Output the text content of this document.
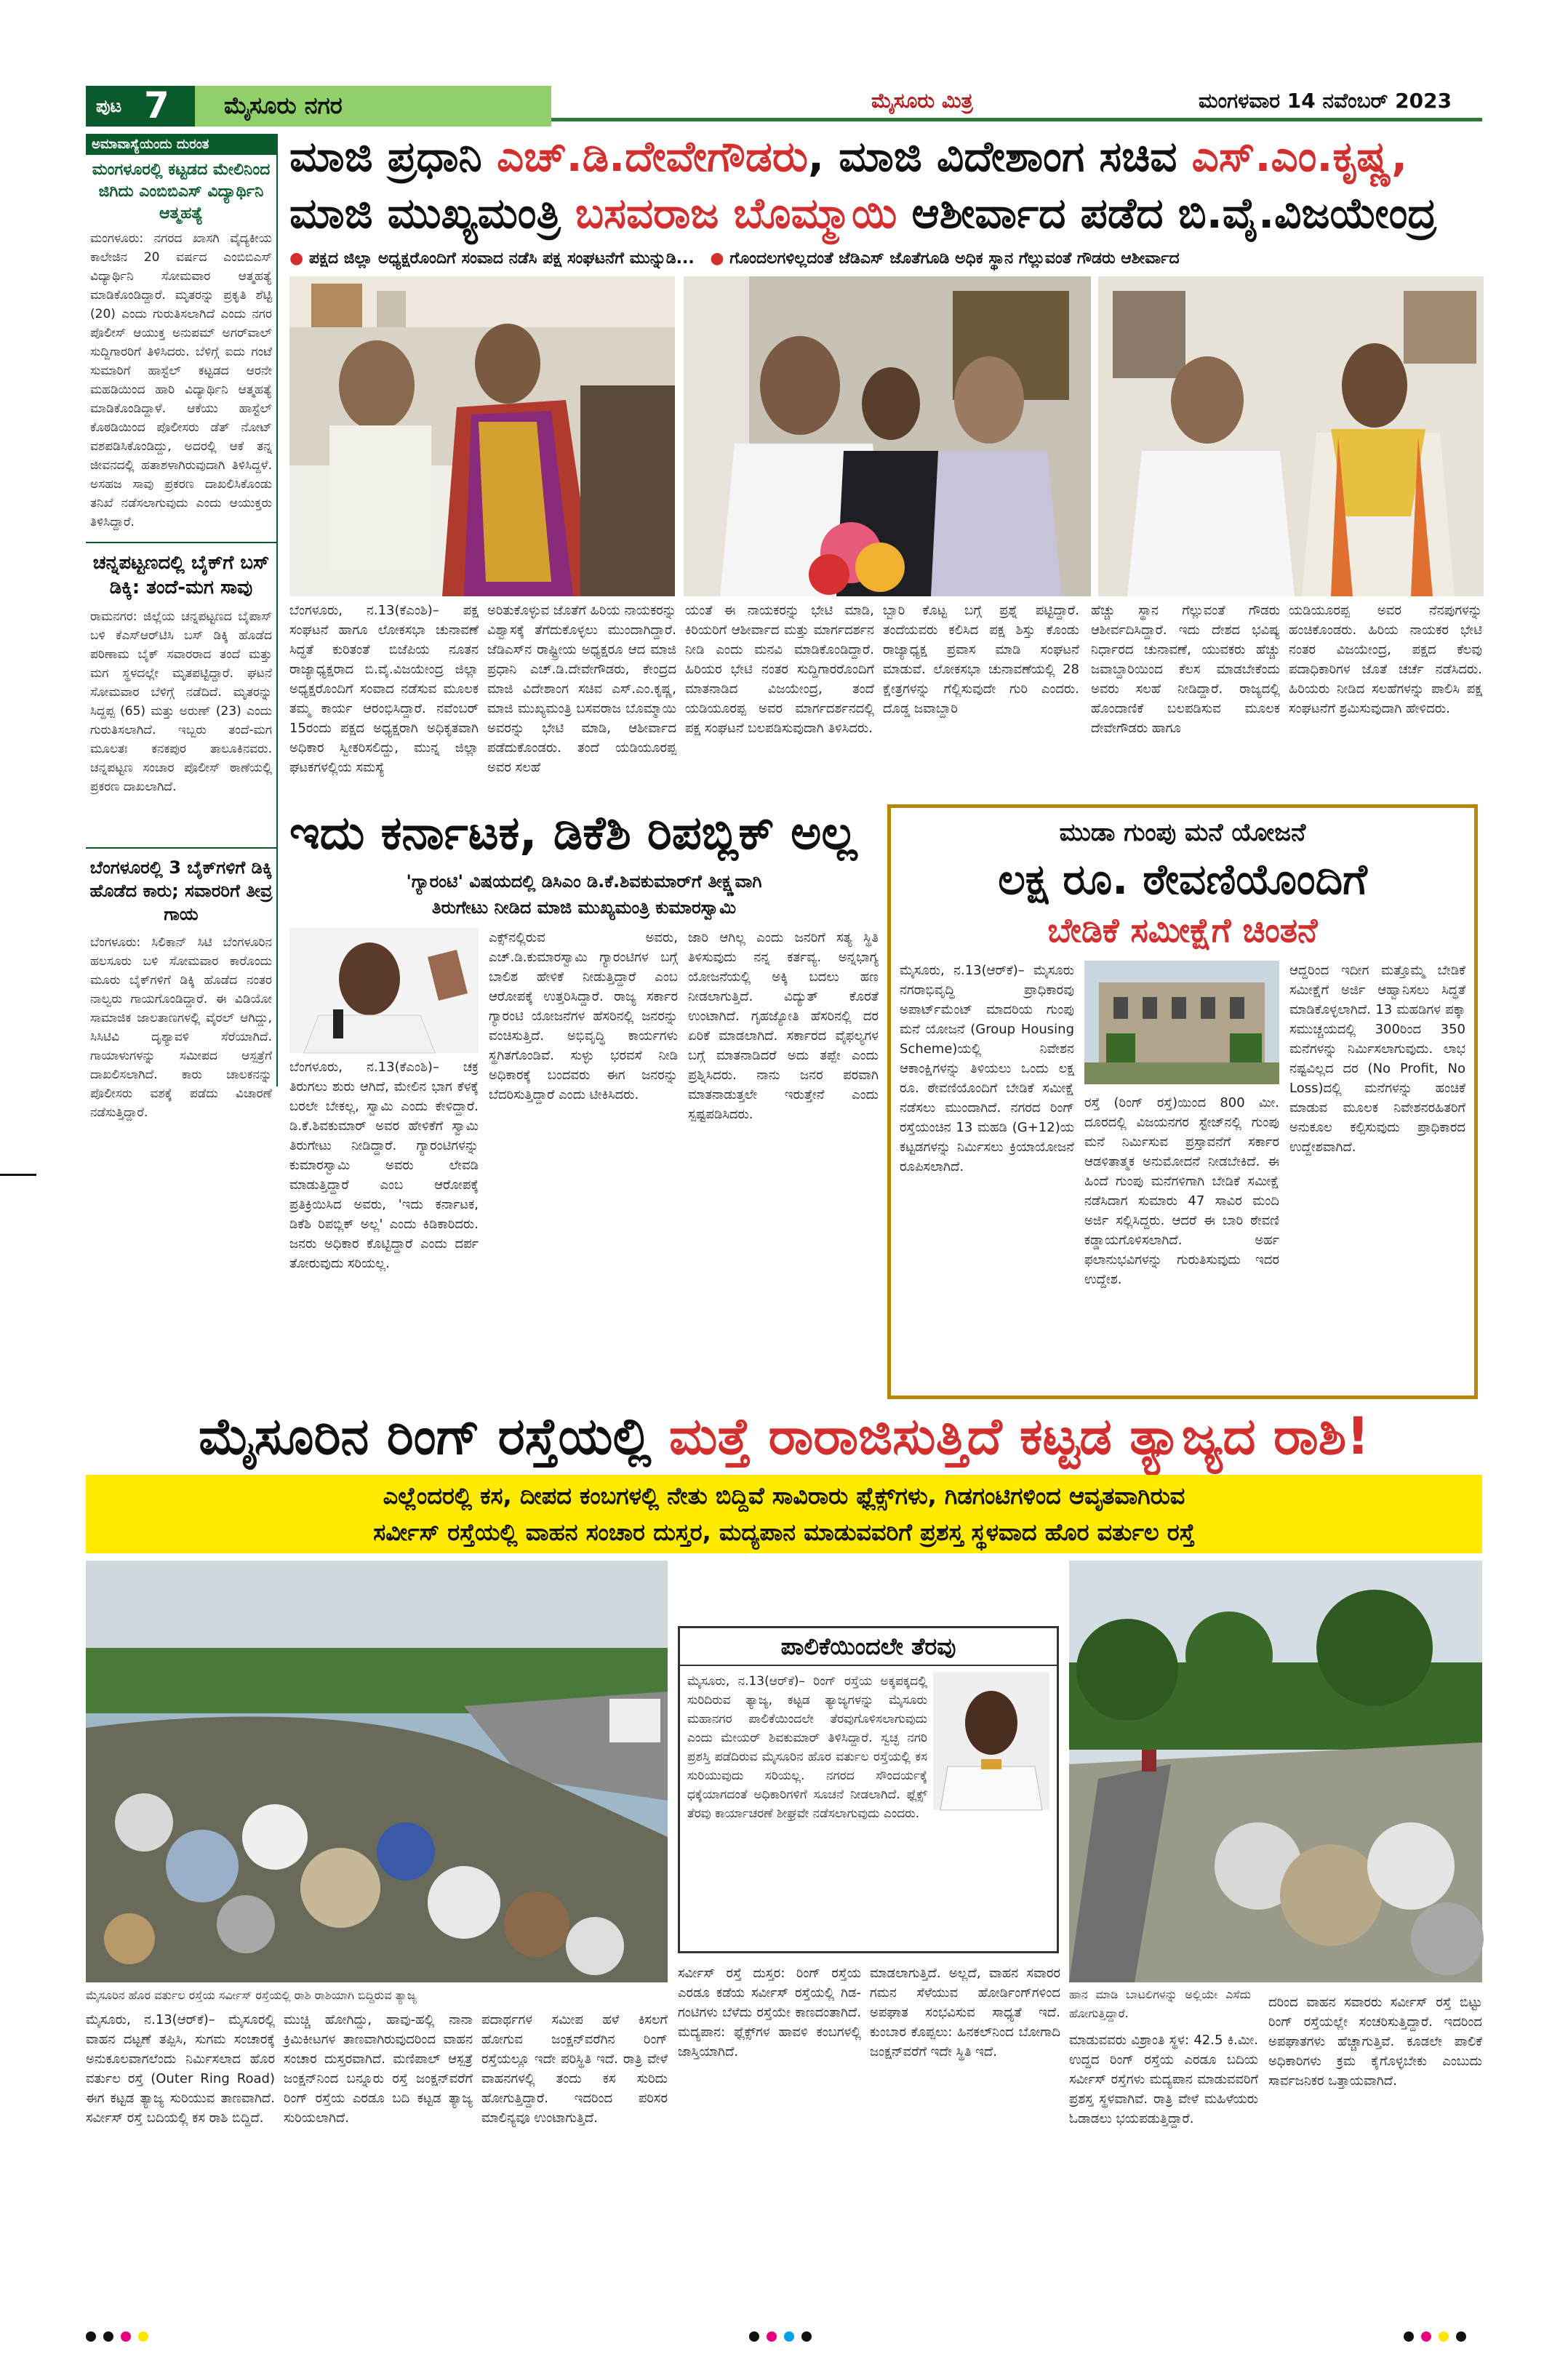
ಪುಟ 7 ಮೈಸೂರು ನಗರ	ಮೈಸೂರು ಮಿತ್ರ	ಮಂಗಳವಾರ 14 ನವೆಂಬರ್ 2023
ಅಮಾವಾಸ್ಯೆಯಂದು ದುರಂತ
ಮಂಗಳೂರಲ್ಲಿ ಕಟ್ಟಡದ ಮೇಲಿನಿಂದ ಜಿಗಿದು ಎಂಬಿಬಿಎಸ್ ವಿದ್ಯಾರ್ಥಿನಿ ಆತ್ಮಹತ್ಯೆ
ಮಂಗಳೂರು: ನಗರದ ಖಾಸಗಿ ವೈದ್ಯಕೀಯ ಕಾಲೇಜಿನ 20 ವರ್ಷದ ಎಂಬಿಬಿಎಸ್ ವಿದ್ಯಾರ್ಥಿನಿ ಸೋಮವಾರ ಆತ್ಮಹತ್ಯೆ ಮಾಡಿಕೊಂಡಿದ್ದಾರೆ. ಮೃತರನ್ನು ಪ್ರಕೃತಿ ಶೆಟ್ಟಿ (20) ಎಂದು ಗುರುತಿಸಲಾಗಿದೆ ಎಂದು ನಗರ ಪೊಲೀಸ್ ಆಯುಕ್ತ ಅನುಪಮ್ ಅಗರ್‌ವಾಲ್ ಸುದ್ದಿಗಾರರಿಗೆ ತಿಳಿಸಿದರು. ಬೆಳಿಗ್ಗೆ ಐದು ಗಂಟೆ ಸುಮಾರಿಗೆ ಹಾಸ್ಟೆಲ್ ಕಟ್ಟಡದ ಆರನೇ ಮಹಡಿಯಿಂದ ಹಾರಿ ವಿದ್ಯಾರ್ಥಿನಿ ಆತ್ಮಹತ್ಯೆ ಮಾಡಿಕೊಂಡಿದ್ದಾಳೆ. ಆಕೆಯು ಹಾಸ್ಟೆಲ್ ಕೊಠಡಿಯಿಂದ ಪೊಲೀಸರು ಡೆತ್ ನೋಟ್ ವಶಪಡಿಸಿಕೊಂಡಿದ್ದು, ಅದರಲ್ಲಿ ಆಕೆ ತನ್ನ ಜೀವನದಲ್ಲಿ ಹತಾಶಳಾಗಿರುವುದಾಗಿ ತಿಳಿಸಿದ್ದಳೆ. ಅಸಹಜ ಸಾವು ಪ್ರಕರಣ ದಾಖಲಿಸಿಕೊಂಡು ತನಿಖೆ ನಡೆಸಲಾಗುವುದು ಎಂದು ಆಯುಕ್ತರು ತಿಳಿಸಿದ್ದಾರೆ.
ಚನ್ನಪಟ್ಟಣದಲ್ಲಿ ಬೈಕ್‌ಗೆ ಬಸ್ ಡಿಕ್ಕಿ: ತಂದೆ-ಮಗ ಸಾವು
ರಾಮನಗರ: ಜಿಲ್ಲೆಯ ಚನ್ನಪಟ್ಟಣದ ಬೈಪಾಸ್ ಬಳಿ ಕೆಎಸ್ಆರ್‌ಟಿಸಿ ಬಸ್ ಡಿಕ್ಕಿ ಹೊಡೆದ ಪರಿಣಾಮ ಬೈಕ್ ಸವಾರರಾದ ತಂದೆ ಮತ್ತು ಮಗ ಸ್ಥಳದಲ್ಲೇ ಮೃತಪಟ್ಟಿದ್ದಾರೆ. ಘಟನೆ ಸೋಮವಾರ ಬೆಳಿಗ್ಗೆ ನಡೆದಿದೆ. ಮೃತರನ್ನು ಸಿದ್ದಪ್ಪ (65) ಮತ್ತು ಅರುಣ್ (23) ಎಂದು ಗುರುತಿಸಲಾಗಿದೆ. ಇಬ್ಬರು ತಂದೆ-ಮಗ ಮೂಲತಃ ಕನಕಪುರ ತಾಲೂಕಿನವರು. ಚನ್ನಪಟ್ಟಣ ಸಂಚಾರ ಪೊಲೀಸ್ ಠಾಣೆಯಲ್ಲಿ ಪ್ರಕರಣ ದಾಖಲಾಗಿದೆ.
ಬೆಂಗಳೂರಲ್ಲಿ 3 ಬೈಕ್‌ಗಳಿಗೆ ಡಿಕ್ಕಿ ಹೊಡೆದ ಕಾರು; ಸವಾರರಿಗೆ ತೀವ್ರ ಗಾಯ
ಬೆಂಗಳೂರು: ಸಿಲಿಕಾನ್ ಸಿಟಿ ಬೆಂಗಳೂರಿನ ಹಲಸೂರು ಬಳಿ ಸೋಮವಾರ ಕಾರೊಂದು ಮೂರು ಬೈಕ್‌ಗಳಿಗೆ ಡಿಕ್ಕಿ ಹೊಡೆದ ನಂತರ ನಾಲ್ವರು ಗಾಯಗೊಂಡಿದ್ದಾರೆ. ಈ ವಿಡಿಯೋ ಸಾಮಾಜಿಕ ಜಾಲತಾಣಗಳಲ್ಲಿ ವೈರಲ್ ಆಗಿದ್ದು, ಸಿಸಿಟಿವಿ ದೃಶ್ಯಾವಳಿ ಸೆರೆಯಾಗಿದೆ. ಗಾಯಾಳುಗಳನ್ನು ಸಮೀಪದ ಆಸ್ಪತ್ರೆಗೆ ದಾಖಲಿಸಲಾಗಿದೆ. ಕಾರು ಚಾಲಕನನ್ನು ಪೊಲೀಸರು ವಶಕ್ಕೆ ಪಡೆದು ವಿಚಾರಣೆ ನಡೆಸುತ್ತಿದ್ದಾರೆ.
ಮಾಜಿ ಪ್ರಧಾನಿ ಎಚ್.ಡಿ.ದೇವೇಗೌಡರು, ಮಾಜಿ ವಿದೇಶಾಂಗ ಸಚಿವ ಎಸ್.ಎಂ.ಕೃಷ್ಣ,
ಮಾಜಿ ಮುಖ್ಯಮಂತ್ರಿ ಬಸವರಾಜ ಬೊಮ್ಮಾಯಿ ಆಶೀರ್ವಾದ ಪಡೆದ ಬಿ.ವೈ.ವಿಜಯೇಂದ್ರ
● ಪಕ್ಷದ ಜಿಲ್ಲಾ ಅಧ್ಯಕ್ಷರೊಂದಿಗೆ ಸಂವಾದ ನಡೆಸಿ ಪಕ್ಷ ಸಂಘಟನೆಗೆ ಮುನ್ನುಡಿ... ● ಗೊಂದಲಗಳಿಲ್ಲದಂತೆ ಜೆಡಿಎಸ್ ಜೊತೆಗೂಡಿ ಅಧಿಕ ಸ್ಥಾನ ಗೆಲ್ಲುವಂತೆ ಗೌಡರು ಆಶೀರ್ವಾದ
ಬೆಂಗಳೂರು, ನ.13(ಕೆಎಂಶಿ)– ಪಕ್ಷ ಸಂಘಟನೆ ಹಾಗೂ ಲೋಕಸಭಾ ಚುನಾವಣೆ ಸಿದ್ಧತೆ ಕುರಿತಂತೆ ಬಿಜೆಪಿಯ ನೂತನ ರಾಜ್ಯಾಧ್ಯಕ್ಷರಾದ ಬಿ.ವೈ.ವಿಜಯೇಂದ್ರ ಜಿಲ್ಲಾ ಅಧ್ಯಕ್ಷರೊಂದಿಗೆ ಸಂವಾದ ನಡೆಸುವ ಮೂಲಕ ತಮ್ಮ ಕಾರ್ಯ ಆರಂಭಿಸಿದ್ದಾರೆ. ನವೆಂಬರ್ 15ರಂದು ಪಕ್ಷದ ಅಧ್ಯಕ್ಷರಾಗಿ ಅಧಿಕೃತವಾಗಿ ಅಧಿಕಾರ ಸ್ವೀಕರಿಸಲಿದ್ದು, ಮುನ್ನ ಜಿಲ್ಲಾ ಘಟಕಗಳಲ್ಲಿಯ ಸಮಸ್ಯೆ
ಅರಿತುಕೊಳ್ಳುವ ಜೊತೆಗೆ ಹಿರಿಯ ನಾಯಕರನ್ನು ವಿಶ್ವಾಸಕ್ಕೆ ತೆಗೆದುಕೊಳ್ಳಲು ಮುಂದಾಗಿದ್ದಾರೆ. ಜೆಡಿಎಸ್‌ನ ರಾಷ್ಟ್ರೀಯ ಅಧ್ಯಕ್ಷರೂ ಆದ ಮಾಜಿ ಪ್ರಧಾನಿ ಎಚ್.ಡಿ.ದೇವೇಗೌಡರು, ಕೇಂದ್ರದ ಮಾಜಿ ವಿದೇಶಾಂಗ ಸಚಿವ ಎಸ್.ಎಂ.ಕೃಷ್ಣ, ಮಾಜಿ ಮುಖ್ಯಮಂತ್ರಿ ಬಸವರಾಜ ಬೊಮ್ಮಾಯಿ ಅವರನ್ನು ಭೇಟಿ ಮಾಡಿ, ಆಶೀರ್ವಾದ ಪಡೆದುಕೊಂಡರು. ತಂದೆ ಯಡಿಯೂರಪ್ಪ ಅವರ ಸಲಹೆ
ಯಂತೆ ಈ ನಾಯಕರನ್ನು ಭೇಟಿ ಮಾಡಿ, ಕಿರಿಯರಿಗೆ ಆಶೀರ್ವಾದ ಮತ್ತು ಮಾರ್ಗದರ್ಶನ ನೀಡಿ ಎಂದು ಮನವಿ ಮಾಡಿಕೊಂಡಿದ್ದಾರೆ. ಹಿರಿಯರ ಭೇಟಿ ನಂತರ ಸುದ್ದಿಗಾರರೊಂದಿಗೆ ಮಾತನಾಡಿದ ವಿಜಯೇಂದ್ರ, ತಂದೆ ಯಡಿಯೂರಪ್ಪ ಅವರ ಮಾರ್ಗದರ್ಶನದಲ್ಲಿ ಪಕ್ಷ ಸಂಘಟನೆ ಬಲಪಡಿಸುವುದಾಗಿ ತಿಳಿಸಿದರು.
ಬ್ಬಾರಿ ಕೊಟ್ಟ ಬಗ್ಗೆ ಪ್ರಶ್ನೆ ಪಟ್ಟಿದ್ದಾರೆ. ತಂದೆಯವರು ಕಲಿಸಿದ ಪಕ್ಷ ಶಿಸ್ತು ಕೊಂಡು ರಾಜ್ಯಾಧ್ಯಕ್ಷ ಪ್ರವಾಸ ಮಾಡಿ ಸಂಘಟನೆ ಮಾಡುವೆ. ಲೋಕಸಭಾ ಚುನಾವಣೆಯಲ್ಲಿ 28 ಕ್ಷೇತ್ರಗಳನ್ನು ಗೆಲ್ಲಿಸುವುದೇ ಗುರಿ ಎಂದರು. ದೊಡ್ಡ ಜವಾಬ್ದಾರಿ
ಹೆಚ್ಚು ಸ್ಥಾನ ಗೆಲ್ಲುವಂತೆ ಗೌಡರು ಆಶೀರ್ವದಿಸಿದ್ದಾರೆ. ಇದು ದೇಶದ ಭವಿಷ್ಯ ನಿರ್ಧಾರದ ಚುನಾವಣೆ, ಯುವಕರು ಹೆಚ್ಚು ಜವಾಬ್ದಾರಿಯಿಂದ ಕೆಲಸ ಮಾಡಬೇಕೆಂದು ಅವರು ಸಲಹೆ ನೀಡಿದ್ದಾರೆ. ರಾಜ್ಯದಲ್ಲಿ ಹೊಂದಾಣಿಕೆ ಬಲಪಡಿಸುವ ಮೂಲಕ ದೇವೇಗೌಡರು ಹಾಗೂ
ಯಡಿಯೂರಪ್ಪ ಅವರ ನೆನಪುಗಳನ್ನು ಹಂಚಿಕೊಂಡರು. ಹಿರಿಯ ನಾಯಕರ ಭೇಟಿ ನಂತರ ವಿಜಯೇಂದ್ರ, ಪಕ್ಷದ ಕೆಲವು ಪದಾಧಿಕಾರಿಗಳ ಜೊತೆ ಚರ್ಚೆ ನಡೆಸಿದರು. ಹಿರಿಯರು ನೀಡಿದ ಸಲಹೆಗಳನ್ನು ಪಾಲಿಸಿ ಪಕ್ಷ ಸಂಘಟನೆಗೆ ಶ್ರಮಿಸುವುದಾಗಿ ಹೇಳಿದರು.
ಇದು ಕರ್ನಾಟಕ, ಡಿಕೆಶಿ ರಿಪಬ್ಲಿಕ್ ಅಲ್ಲ
'ಗ್ಯಾರಂಟಿ' ವಿಷಯದಲ್ಲಿ ಡಿಸಿಎಂ ಡಿ.ಕೆ.ಶಿವಕುಮಾರ್‌ಗೆ ತೀಕ್ಷ್ಣವಾಗಿ
ತಿರುಗೇಟು ನೀಡಿದ ಮಾಜಿ ಮುಖ್ಯಮಂತ್ರಿ ಕುಮಾರಸ್ವಾಮಿ
ಬೆಂಗಳೂರು, ನ.13(ಕೆಎಂಶಿ)– ಚಕ್ರ ತಿರುಗಲು ಶುರು ಆಗಿದೆ, ಮೇಲಿನ ಭಾಗ ಕೆಳಕ್ಕೆ ಬರಲೇ ಬೇಕಲ್ಲ, ಸ್ವಾಮಿ ಎಂದು ಕೇಳಿದ್ದಾರೆ. ಡಿ.ಕೆ.ಶಿವಕುಮಾರ್ ಅವರ ಹೇಳಿಕೆಗೆ ಸ್ವಾಮಿ ತಿರುಗೇಟು ನೀಡಿದ್ದಾರೆ. ಗ್ಯಾರಂಟಿಗಳನ್ನು ಕುಮಾರಸ್ವಾಮಿ ಅವರು ಲೇವಡಿ ಮಾಡುತ್ತಿದ್ದಾರೆ ಎಂಬ ಆರೋಪಕ್ಕೆ ಪ್ರತಿಕ್ರಿಯಿಸಿದ ಅವರು, 'ಇದು ಕರ್ನಾಟಕ, ಡಿಕೆಶಿ ರಿಪಬ್ಲಿಕ್ ಅಲ್ಲ' ಎಂದು ಕಿಡಿಕಾರಿದರು. ಜನರು ಅಧಿಕಾರ ಕೊಟ್ಟಿದ್ದಾರೆ ಎಂದು ದರ್ಪ ತೋರುವುದು ಸರಿಯಲ್ಲ.
ಎಕ್ಸ್‌ನಲ್ಲಿರುವ ಅವರು, ಎಚ್.ಡಿ.ಕುಮಾರಸ್ವಾಮಿ ಗ್ಯಾರಂಟಿಗಳ ಬಗ್ಗೆ ಬಾಲಿಶ ಹೇಳಿಕೆ ನೀಡುತ್ತಿದ್ದಾರೆ ಎಂಬ ಆರೋಪಕ್ಕೆ ಉತ್ತರಿಸಿದ್ದಾರೆ. ರಾಜ್ಯ ಸರ್ಕಾರ ಗ್ಯಾರಂಟಿ ಯೋಜನೆಗಳ ಹೆಸರಿನಲ್ಲಿ ಜನರನ್ನು ವಂಚಿಸುತ್ತಿದೆ. ಅಭಿವೃದ್ಧಿ ಕಾರ್ಯಗಳು ಸ್ಥಗಿತಗೊಂಡಿವೆ. ಸುಳ್ಳು ಭರವಸೆ ನೀಡಿ ಅಧಿಕಾರಕ್ಕೆ ಬಂದವರು ಈಗ ಜನರನ್ನು ಬೆದರಿಸುತ್ತಿದ್ದಾರೆ ಎಂದು ಟೀಕಿಸಿದರು.
ಜಾರಿ ಆಗಿಲ್ಲ ಎಂದು ಜನರಿಗೆ ಸತ್ಯ ಸ್ಥಿತಿ ತಿಳಿಸುವುದು ನನ್ನ ಕರ್ತವ್ಯ. ಅನ್ನಭಾಗ್ಯ ಯೋಜನೆಯಲ್ಲಿ ಅಕ್ಕಿ ಬದಲು ಹಣ ನೀಡಲಾಗುತ್ತಿದೆ. ವಿದ್ಯುತ್ ಕೊರತೆ ಉಂಟಾಗಿದೆ. ಗೃಹಜ್ಯೋತಿ ಹೆಸರಿನಲ್ಲಿ ದರ ಏರಿಕೆ ಮಾಡಲಾಗಿದೆ. ಸರ್ಕಾರದ ವೈಫಲ್ಯಗಳ ಬಗ್ಗೆ ಮಾತನಾಡಿದರೆ ಅದು ತಪ್ಪೇ ಎಂದು ಪ್ರಶ್ನಿಸಿದರು. ನಾನು ಜನರ ಪರವಾಗಿ ಮಾತನಾಡುತ್ತಲೇ ಇರುತ್ತೇನೆ ಎಂದು ಸ್ಪಷ್ಟಪಡಿಸಿದರು.
ಮುಡಾ ಗುಂಪು ಮನೆ ಯೋಜನೆ
ಲಕ್ಷ ರೂ. ಠೇವಣಿಯೊಂದಿಗೆ
ಬೇಡಿಕೆ ಸಮೀಕ್ಷೆಗೆ ಚಿಂತನೆ
ಮೈಸೂರು, ನ.13(ಆರ್‌ಕೆ)– ಮೈಸೂರು ನಗರಾಭಿವೃದ್ಧಿ ಪ್ರಾಧಿಕಾರವು ಅಪಾರ್ಟ್‌ಮೆಂಟ್ ಮಾದರಿಯ ಗುಂಪು ಮನೆ ಯೋಜನೆ (Group Housing Scheme)ಯಲ್ಲಿ ನಿವೇಶನ ಆಕಾಂಕ್ಷಿಗಳನ್ನು ತಿಳಿಯಲು ಒಂದು ಲಕ್ಷ ರೂ. ಠೇವಣಿಯೊಂದಿಗೆ ಬೇಡಿಕೆ ಸಮೀಕ್ಷೆ ನಡೆಸಲು ಮುಂದಾಗಿದೆ. ನಗರದ ರಿಂಗ್ ರಸ್ತೆಯಂಚಿನ 13 ಮಹಡಿ (G+12)ಯ ಕಟ್ಟಡಗಳನ್ನು ನಿರ್ಮಿಸಲು ಕ್ರಿಯಾಯೋಜನೆ ರೂಪಿಸಲಾಗಿದೆ.
ರಸ್ತೆ (ರಿಂಗ್ ರಸ್ತೆ)ಯಿಂದ 800 ಮೀ. ದೂರದಲ್ಲಿ ವಿಜಯನಗರ ಸ್ಟೇಜ್‌ನಲ್ಲಿ ಗುಂಪು ಮನೆ ನಿರ್ಮಿಸುವ ಪ್ರಸ್ತಾವನೆಗೆ ಸರ್ಕಾರ ಆಡಳಿತಾತ್ಮಕ ಅನುಮೋದನೆ ನೀಡಬೇಕಿದೆ. ಈ ಹಿಂದೆ ಗುಂಪು ಮನೆಗಳಿಗಾಗಿ ಬೇಡಿಕೆ ಸಮೀಕ್ಷೆ ನಡೆಸಿದಾಗ ಸುಮಾರು 47 ಸಾವಿರ ಮಂದಿ ಅರ್ಜಿ ಸಲ್ಲಿಸಿದ್ದರು. ಆದರೆ ಈ ಬಾರಿ ಠೇವಣಿ ಕಡ್ಡಾಯಗೊಳಿಸಲಾಗಿದೆ. ಅರ್ಹ ಫಲಾನುಭವಿಗಳನ್ನು ಗುರುತಿಸುವುದು ಇದರ ಉದ್ದೇಶ.
ಆದ್ದರಿಂದ ಇದೀಗ ಮತ್ತೊಮ್ಮೆ ಬೇಡಿಕೆ ಸಮೀಕ್ಷೆಗೆ ಅರ್ಜಿ ಆಹ್ವಾನಿಸಲು ಸಿದ್ಧತೆ ಮಾಡಿಕೊಳ್ಳಲಾಗಿದೆ. 13 ಮಹಡಿಗಳ ಪಕ್ಕಾ ಸಮುಚ್ಚಯದಲ್ಲಿ 300ರಿಂದ 350 ಮನೆಗಳನ್ನು ನಿರ್ಮಿಸಲಾಗುವುದು. ಲಾಭ ನಷ್ಟವಿಲ್ಲದ ದರ (No Profit, No Loss)ದಲ್ಲಿ ಮನೆಗಳನ್ನು ಹಂಚಿಕೆ ಮಾಡುವ ಮೂಲಕ ನಿವೇಶನರಹಿತರಿಗೆ ಅನುಕೂಲ ಕಲ್ಪಿಸುವುದು ಪ್ರಾಧಿಕಾರದ ಉದ್ದೇಶವಾಗಿದೆ.
ಮೈಸೂರಿನ ರಿಂಗ್ ರಸ್ತೆಯಲ್ಲಿ ಮತ್ತೆ ರಾರಾಜಿಸುತ್ತಿದೆ ಕಟ್ಟಡ ತ್ಯಾಜ್ಯದ ರಾಶಿ!
ಎಲ್ಲೆಂದರಲ್ಲಿ ಕಸ, ದೀಪದ ಕಂಬಗಳಲ್ಲಿ ನೇತು ಬಿದ್ದಿವೆ ಸಾವಿರಾರು ಫ್ಲೆಕ್ಸ್‌ಗಳು, ಗಿಡಗಂಟಿಗಳಿಂದ ಆವೃತವಾಗಿರುವ
ಸರ್ವೀಸ್ ರಸ್ತೆಯಲ್ಲಿ ವಾಹನ ಸಂಚಾರ ದುಸ್ತರ, ಮದ್ಯಪಾನ ಮಾಡುವವರಿಗೆ ಪ್ರಶಸ್ತ ಸ್ಥಳವಾದ ಹೊರ ವರ್ತುಲ ರಸ್ತೆ
ಮೈಸೂರಿನ ಹೊರ ವರ್ತುಲ ರಸ್ತೆಯ ಸರ್ವೀಸ್ ರಸ್ತೆಯಲ್ಲಿ ರಾಶಿ ರಾಶಿಯಾಗಿ ಬಿದ್ದಿರುವ ತ್ಯಾಜ್ಯ
ಪಾಲಿಕೆಯಿಂದಲೇ ತೆರವು
ಮೈಸೂರು, ನ.13(ಆರ್‌ಕೆ)– ರಿಂಗ್ ರಸ್ತೆಯ ಅಕ್ಕಪಕ್ಕದಲ್ಲಿ ಸುರಿದಿರುವ ತ್ಯಾಜ್ಯ, ಕಟ್ಟಡ ತ್ಯಾಜ್ಯಗಳನ್ನು ಮೈಸೂರು ಮಹಾನಗರ ಪಾಲಿಕೆಯಿಂದಲೇ ತೆರವುಗೊಳಿಸಲಾಗುವುದು ಎಂದು ಮೇಯರ್ ಶಿವಕುಮಾರ್ ತಿಳಿಸಿದ್ದಾರೆ. ಸ್ವಚ್ಛ ನಗರಿ ಪ್ರಶಸ್ತಿ ಪಡೆದಿರುವ ಮೈಸೂರಿನ ಹೊರ ವರ್ತುಲ ರಸ್ತೆಯಲ್ಲಿ ಕಸ ಸುರಿಯುವುದು ಸರಿಯಲ್ಲ. ನಗರದ ಸೌಂದರ್ಯಕ್ಕೆ ಧಕ್ಕೆಯಾಗದಂತೆ ಅಧಿಕಾರಿಗಳಿಗೆ ಸೂಚನೆ ನೀಡಲಾಗಿದೆ. ಫ್ಲೆಕ್ಸ್ ತೆರವು ಕಾರ್ಯಾಚರಣೆ ಶೀಘ್ರವೇ ನಡೆಸಲಾಗುವುದು ಎಂದರು.
ಹಾನ ಮಾಡಿ ಬಾಟಲಿಗಳನ್ನು ಅಲ್ಲಿಯೇ ಎಸೆದು ಹೋಗುತ್ತಿದ್ದಾರೆ.
ಮೈಸೂರು, ನ.13(ಆರ್‌ಕೆ)– ಮೈಸೂರಲ್ಲಿ ವಾಹನ ದಟ್ಟಣೆ ತಪ್ಪಿಸಿ, ಸುಗಮ ಸಂಚಾರಕ್ಕೆ ಅನುಕೂಲವಾಗಲೆಂದು ನಿರ್ಮಿಸಲಾದ ಹೊರ ವರ್ತುಲ ರಸ್ತೆ (Outer Ring Road) ಈಗ ಕಟ್ಟಡ ತ್ಯಾಜ್ಯ ಸುರಿಯುವ ತಾಣವಾಗಿದೆ. ಸರ್ವೀಸ್ ರಸ್ತೆ ಬದಿಯಲ್ಲಿ ಕಸ ರಾಶಿ ಬಿದ್ದಿದೆ.
ಮುಚ್ಚಿ ಹೋಗಿದ್ದು, ಹಾವು-ಹಲ್ಲಿ ನಾನಾ ಕ್ರಿಮಿಕೀಟಗಳ ತಾಣವಾಗಿರುವುದರಿಂದ ವಾಹನ ಸಂಚಾರ ದುಸ್ತರವಾಗಿದೆ. ಮಣಿಪಾಲ್ ಆಸ್ಪತ್ರೆ ಜಂಕ್ಷನ್‌ನಿಂದ ಬನ್ನೂರು ರಸ್ತೆ ಜಂಕ್ಷನ್‌ವರೆಗೆ ರಿಂಗ್ ರಸ್ತೆಯ ಎರಡೂ ಬದಿ ಕಟ್ಟಡ ತ್ಯಾಜ್ಯ ಸುರಿಯಲಾಗಿದೆ.
ಪದಾರ್ಥಗಳ ಸಮೀಪ ಹಳೆ ಕಿಸಲಗೆ ಹೋಗುವ ಜಂಕ್ಷನ್‌ವರೆಗಿನ ರಿಂಗ್ ರಸ್ತೆಯಲ್ಲೂ ಇದೇ ಪರಿಸ್ಥಿತಿ ಇದೆ. ರಾತ್ರಿ ವೇಳೆ ವಾಹನಗಳಲ್ಲಿ ತಂದು ಕಸ ಸುರಿದು ಹೋಗುತ್ತಿದ್ದಾರೆ. ಇದರಿಂದ ಪರಿಸರ ಮಾಲಿನ್ಯವೂ ಉಂಟಾಗುತ್ತಿದೆ.
ಸರ್ವೀಸ್ ರಸ್ತೆ ದುಸ್ತರ: ರಿಂಗ್ ರಸ್ತೆಯ ಎರಡೂ ಕಡೆಯ ಸರ್ವೀಸ್ ರಸ್ತೆಯಲ್ಲಿ ಗಿಡ-ಗಂಟಿಗಳು ಬೆಳೆದು ರಸ್ತೆಯೇ ಕಾಣದಂತಾಗಿದೆ. ಮದ್ಯಪಾನ: ಫ್ಲೆಕ್ಸ್‌ಗಳ ಹಾವಳಿ ಕಂಬಗಳಲ್ಲಿ ಜಾಸ್ತಿಯಾಗಿದೆ.
ಮಾಡಲಾಗುತ್ತಿದೆ. ಅಲ್ಲದೆ, ವಾಹನ ಸವಾರರ ಗಮನ ಸೆಳೆಯುವ ಹೋರ್ಡಿಂಗ್‌ಗಳಿಂದ ಅಪಘಾತ ಸಂಭವಿಸುವ ಸಾಧ್ಯತೆ ಇದೆ. ಕುಂಬಾರ ಕೊಪ್ಪಲು: ಹಿನಕಲ್‌ನಿಂದ ಬೋಗಾದಿ ಜಂಕ್ಷನ್‌ವರೆಗೆ ಇದೇ ಸ್ಥಿತಿ ಇದೆ.
ಮಾಡುವವರು ವಿಶ್ರಾಂತಿ ಸ್ಥಳ: 42.5 ಕಿ.ಮೀ. ಉದ್ದದ ರಿಂಗ್ ರಸ್ತೆಯ ಎರಡೂ ಬದಿಯ ಸರ್ವೀಸ್ ರಸ್ತೆಗಳು ಮದ್ಯಪಾನ ಮಾಡುವವರಿಗೆ ಪ್ರಶಸ್ತ ಸ್ಥಳವಾಗಿವೆ. ರಾತ್ರಿ ವೇಳೆ ಮಹಿಳೆಯರು ಓಡಾಡಲು ಭಯಪಡುತ್ತಿದ್ದಾರೆ.
ದರಿಂದ ವಾಹನ ಸವಾರರು ಸರ್ವೀಸ್ ರಸ್ತೆ ಬಿಟ್ಟು ರಿಂಗ್ ರಸ್ತೆಯಲ್ಲೇ ಸಂಚರಿಸುತ್ತಿದ್ದಾರೆ. ಇದರಿಂದ ಅಪಘಾತಗಳು ಹೆಚ್ಚಾಗುತ್ತಿವೆ. ಕೂಡಲೇ ಪಾಲಿಕೆ ಅಧಿಕಾರಿಗಳು ಕ್ರಮ ಕೈಗೊಳ್ಳಬೇಕು ಎಂಬುದು ಸಾರ್ವಜನಿಕರ ಒತ್ತಾಯವಾಗಿದೆ.
